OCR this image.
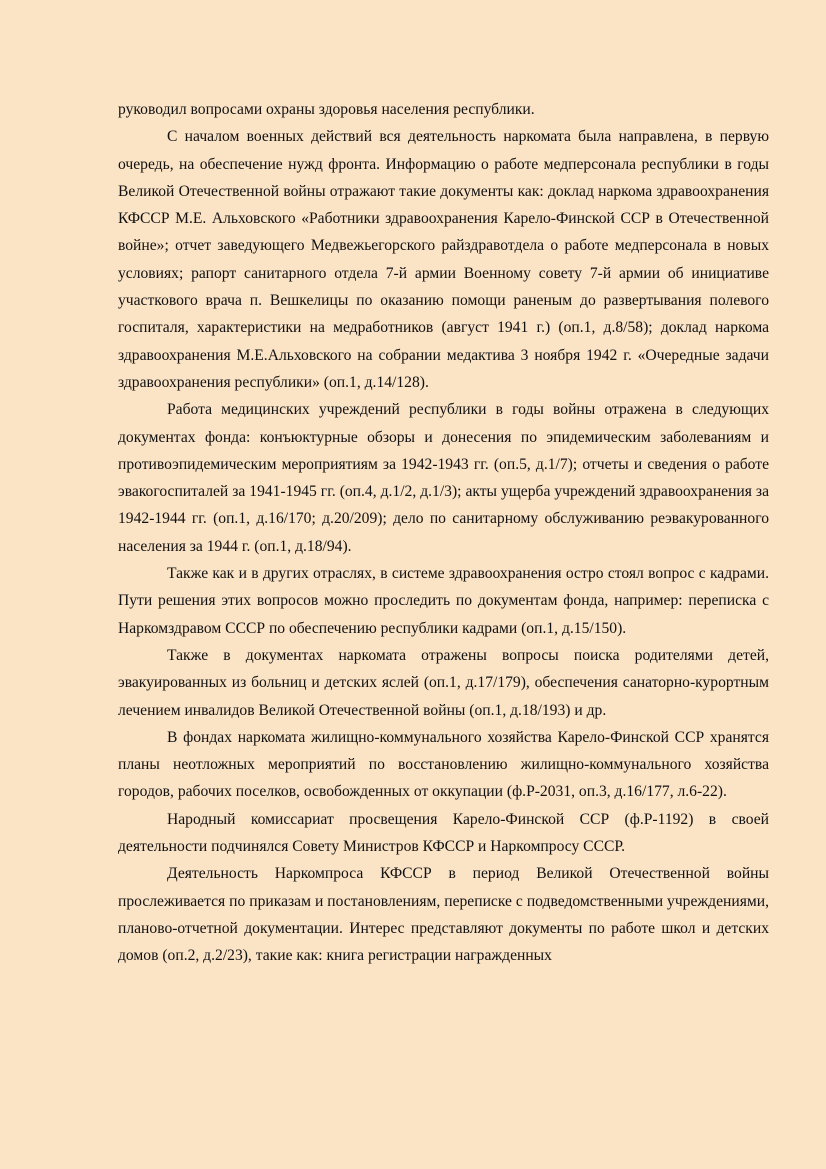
руководил вопросами охраны здоровья населения республики.

С началом военных действий вся деятельность наркомата была направлена, в первую очередь, на обеспечение нужд фронта. Информацию о работе медперсонала республики в годы Великой Отечественной войны отражают такие документы как: доклад наркома здравоохранения КФССР М.Е. Альховского «Работники здравоохранения Карело-Финской ССР в Отечественной войне»; отчет заведующего Медвежьегорского райздравотдела о работе медперсонала в новых условиях; рапорт санитарного отдела 7-й армии Военному совету 7-й армии об инициативе участкового врача п. Вешкелицы по оказанию помощи раненым до развертывания полевого госпиталя, характеристики на медработников (август 1941 г.) (оп.1, д.8/58); доклад наркома здравоохранения М.Е.Альховского на собрании медактива 3 ноября 1942 г. «Очередные задачи здравоохранения республики» (оп.1, д.14/128).

Работа медицинских учреждений республики в годы войны отражена в следующих документах фонда: конъюктурные обзоры и донесения по эпидемическим заболеваниям и противоэпидемическим мероприятиям за 1942-1943 гг. (оп.5, д.1/7); отчеты и сведения о работе эвакогоспиталей за 1941-1945 гг. (оп.4, д.1/2, д.1/3); акты ущерба учреждений здравоохранения за 1942-1944 гг. (оп.1, д.16/170; д.20/209); дело по санитарному обслуживанию реэвакурованного населения за 1944 г. (оп.1, д.18/94).

Также как и в других отраслях, в системе здравоохранения остро стоял вопрос с кадрами. Пути решения этих вопросов можно проследить по документам фонда, например: переписка с Наркомздравом СССР по обеспечению республики кадрами (оп.1, д.15/150).

Также в документах наркомата отражены вопросы поиска родителями детей, эвакуированных из больниц и детских яслей (оп.1, д.17/179), обеспечения санаторно-курортным лечением инвалидов Великой Отечественной войны (оп.1, д.18/193) и др.

В фондах наркомата жилищно-коммунального хозяйства Карело-Финской ССР хранятся планы неотложных мероприятий по восстановлению жилищно-коммунального хозяйства городов, рабочих поселков, освобожденных от оккупации (ф.Р-2031, оп.3, д.16/177, л.6-22).

Народный комиссариат просвещения Карело-Финской ССР (ф.Р-1192) в своей деятельности подчинялся Совету Министров КФССР и Наркомпросу СССР.

Деятельность Наркомпроса КФССР в период Великой Отечественной войны прослеживается по приказам и постановлениям, переписке с подведомственными учреждениями, планово-отчетной документации. Интерес представляют документы по работе школ и детских домов (оп.2, д.2/23), такие как: книга регистрации награжденных
